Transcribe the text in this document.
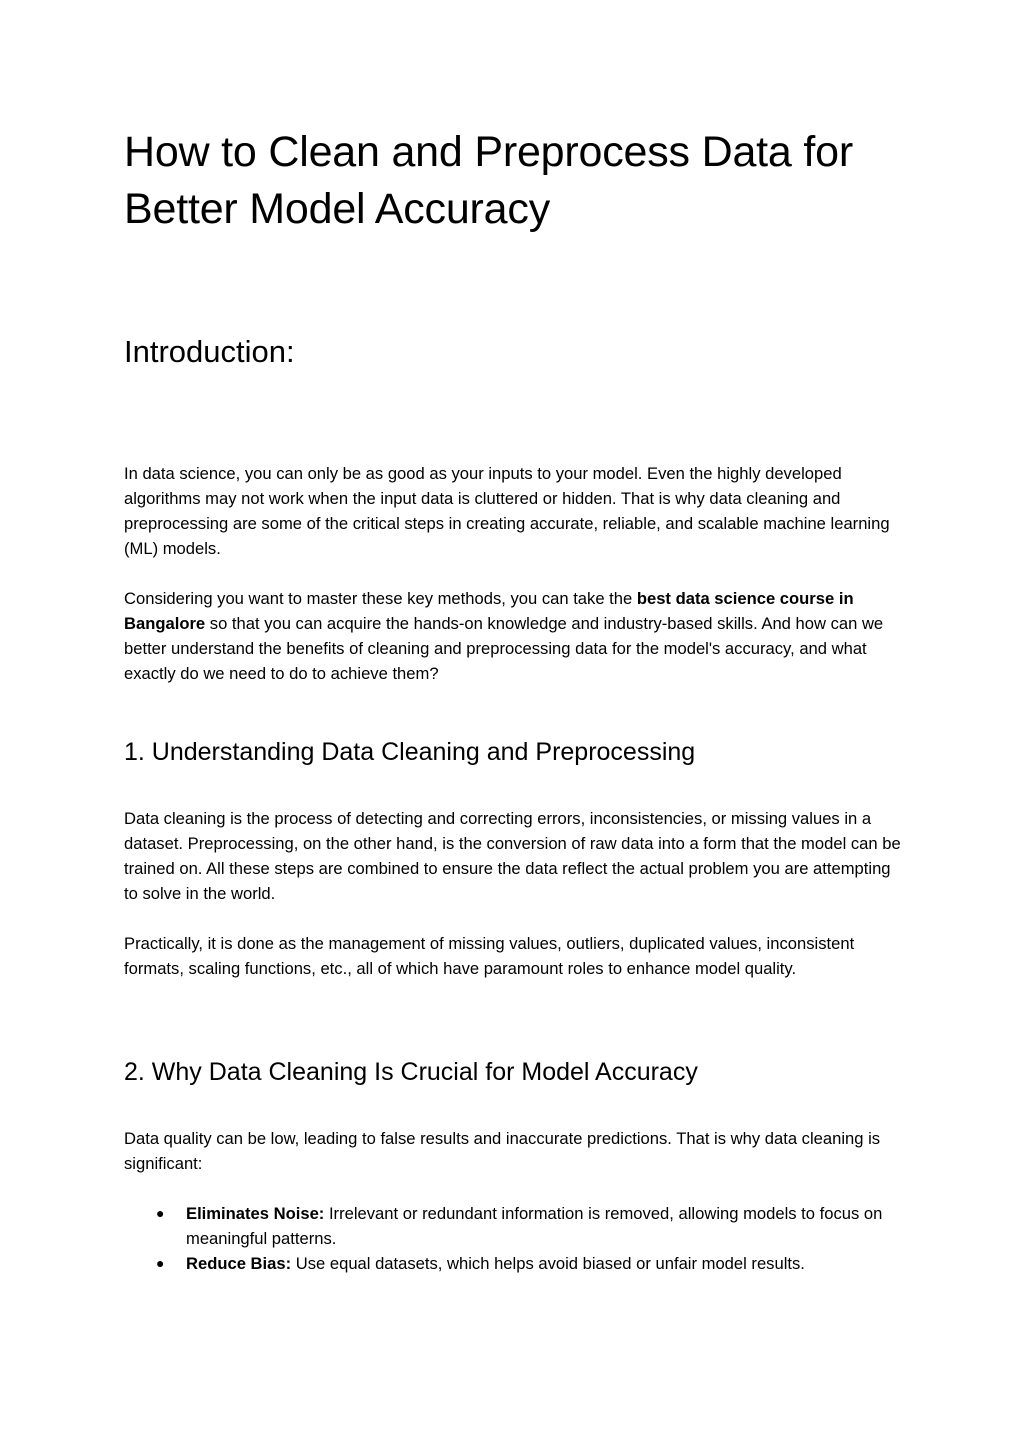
How to Clean and Preprocess Data for Better Model Accuracy
Introduction:

In data science, you can only be as good as your inputs to your model. Even the highly developed algorithms may not work when the input data is cluttered or hidden. That is why data cleaning and preprocessing are some of the critical steps in creating accurate, reliable, and scalable machine learning (ML) models.

Considering you want to master these key methods, you can take the best data science course in Bangalore so that you can acquire the hands-on knowledge and industry-based skills. And how can we better understand the benefits of cleaning and preprocessing data for the model's accuracy, and what exactly do we need to do to achieve them?

1. Understanding Data Cleaning and Preprocessing

Data cleaning is the process of detecting and correcting errors, inconsistencies, or missing values in a dataset. Preprocessing, on the other hand, is the conversion of raw data into a form that the model can be trained on. All these steps are combined to ensure the data reflect the actual problem you are attempting to solve in the world.

Practically, it is done as the management of missing values, outliers, duplicated values, inconsistent formats, scaling functions, etc., all of which have paramount roles to enhance model quality.

2. Why Data Cleaning Is Crucial for Model Accuracy

Data quality can be low, leading to false results and inaccurate predictions. That is why data cleaning is significant:

● Eliminates Noise: Irrelevant or redundant information is removed, allowing models to focus on meaningful patterns.
● Reduce Bias: Use equal datasets, which helps avoid biased or unfair model results.
